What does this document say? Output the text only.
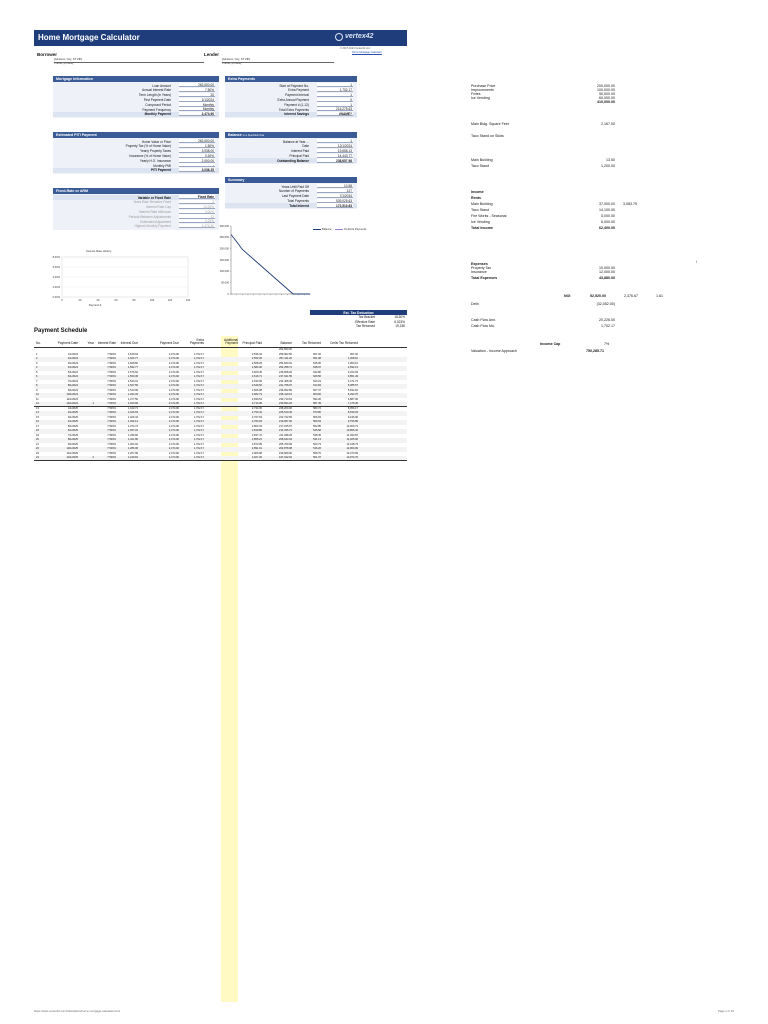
Home Mortgage Calculator	vertex42
© 2007-2023 Vertex42 LLC
Home Mortgage Calculator
Borrower
[Address, City, ST ZIP]
Phone: [Phone]
Lender
[Address, City, ST ZIP]
Phone: [Phone]
Mortgage Information
Loan Amount	262,500.00
Annual Interest Rate	7.50%
Term Length (in Years)	20
First Payment Date	1/1/2024
Compound Period	Monthly
Payment Frequency	Monthly
Monthly Payment	2,474.90
Extra Payments
Start at Payment No.	1
Extra Payment	1,702.17
Payment Interval	1
Extra Annual Payment	0
Payment # (1-12)	1
Total Extra Payments	216,275.63
Interest Savings	#NAME?
Estimated PITI Payment
Home Value or Price	262,500.00
Property Tax (% of Home Value)	1.50%
Yearly Property Taxes	3,938.00
Insurance (% of Home Value)	0.20%
Yearly H.O. Insurance	2,000.00
Monthly PMI	-
PITI Payment	3,036.25
Balance in a Specified Year
Balance at Year ...	1
Date	12/1/2024
Interest Paid	19,658.13
Principal Paid	14,443.77
Outstanding Balance	238,657.98
Summary
Years Until Paid Off	10.58
Number of Payments	127
Last Payment Date	7/1/2034
Total Payments	539,025.63
Total Interest	172,510.63
Fixed-Rate or ARM
Variable or Fixed Rate	Fixed Rate
Years Rate Remains Fixed	2
Interest Rate Cap	12.00%
Interest Rate Minimum	3.00%
Periods Between Adjustments	12
Estimated Adjustment	0.25%
Highest Monthly Payment	2,474.90
Interest Rate History
0.00%
2.00%
4.00%
6.00%
8.00%
0	20	40	60	80	100	120	140
Payment #
0
50,000
100,000
150,000
200,000
250,000
300,000
Balance	No Extra Payments
Est. Tax Deduction
Tax Bracket	18.50%
Effective Rate	6.023%
Tax Returned	19,156
Payment Schedule
No.	Payment Date	Year	Interest Rate	Interest Due	Payment Due
Extra Payments
Additional Payment	Principal Paid	Balance	Tax Returned	Cmltv Tax Returned
262,500.00
1	1/1/2024	7.500%	1,640.63	2,474.90	1,702.17	2,536.44	259,963.56	657.02	657.02
2	2/1/2024	7.500%	1,624.77	2,474.90	1,702.17	2,552.30	257,411.26	651.08	1,308.10
3	3/1/2024	7.500%	1,608.82	2,474.90	1,702.17	2,568.25	254,843.01	645.06	1,953.16
4	4/1/2024	7.500%	1,592.77	2,474.90	1,702.17	2,584.30	252,258.71	638.97	2,592.13
5	5/1/2024	7.500%	1,576.62	2,474.90	1,702.17	2,600.45	249,658.26	632.80	3,224.93
6	6/1/2024	7.500%	1,560.36	2,474.90	1,702.17	2,616.71	247,041.55	626.56	3,851.49
7	7/1/2024	7.500%	1,544.01	2,474.90	1,702.17	2,633.06	244,408.49	620.24	4,471.73
8	8/1/2024	7.500%	1,527.55	2,474.90	1,702.17	2,649.52	241,758.97	613.84	5,085.57
9	9/1/2024	7.500%	1,510.99	2,474.90	1,702.17	2,666.08	239,092.89	607.37	5,692.94
10	10/1/2024	7.500%	1,494.33	2,474.90	1,702.17	2,682.74	236,410.15	600.82	6,293.76
11	11/1/2024	7.500%	1,477.56	2,474.90	1,702.17	2,699.51	233,710.64	594.20	6,887.96
12	12/1/2024	1	7.500%	1,460.69	2,474.90	1,702.17	2,716.38	230,994.26	587.49	7,475.45
13	1/1/2025	7.500%	1,443.71	2,474.90	1,702.17	2,733.36	228,260.90	580.72	8,056.17
14	2/1/2025	7.500%	1,426.63	2,474.90	1,702.17	2,750.44	225,510.46	573.86	8,630.03
15	3/1/2025	7.500%	1,409.44	2,474.90	1,702.17	2,767.63	222,742.83	566.93	9,196.96
16	4/1/2025	7.500%	1,392.14	2,474.90	1,702.17	2,784.93	219,957.90	559.93	9,756.89
17	5/1/2025	7.500%	1,374.74	2,474.90	1,702.17	2,802.33	217,155.57	552.85	10,309.74
18	6/1/2025	7.500%	1,357.22	2,474.90	1,702.17	2,819.85	214,335.72	545.68	10,855.42
19	7/1/2025	7.500%	1,339.60	2,474.90	1,702.17	2,837.47	211,498.25	538.45	11,393.87
20	8/1/2025	7.500%	1,321.86	2,474.90	1,702.17	2,855.21	208,643.04	531.13	11,925.00
21	9/1/2025	7.500%	1,304.02	2,474.90	1,702.17	2,873.05	205,769.99	523.73	12,448.73
22	10/1/2025	7.500%	1,286.06	2,474.90	1,702.17	2,891.01	202,878.98	516.26	12,964.99
23	11/1/2025	7.500%	1,267.99	2,474.90	1,702.17	2,909.08	199,969.90	508.70	13,473.69
24	12/1/2025	2	7.500%	1,249.81	2,474.90	1,702.17	2,927.26	197,042.64	501.07	13,974.76
Purchase Price	200,000.00
Improvements	100,000.00
Fixtes	50,000.00
Ice Vending	60,000.00
410,000.00
Main Bldg. Square Feet	2,167.00
Taco Stand on Skids
Main Building	13.50
Taco Stand	1,200.00
Income
Rents
Main Building	37,000.00 3,083.75
Taco Stand	14,100.00
Fire Works - Seasonal	5,000.00
Ice Vending	6,000.00
Total Income	62,400.00
Expenses
Property Tax	10,000.00
Insurance	12,000.00
Total Expenses	43,880.00
Debt	(32,052.00)
Cash Flow Ann.	20,226.00
Cash Flow Mo.	1,702.17
NOI	52,520.00	2,376.67	1.61
/
Income Cap	7%
Valuation - Income Approach	750,285.71
https://www.vertex42.com/Calculators/home-mortgage-calculator.html	Page 1 of 15
